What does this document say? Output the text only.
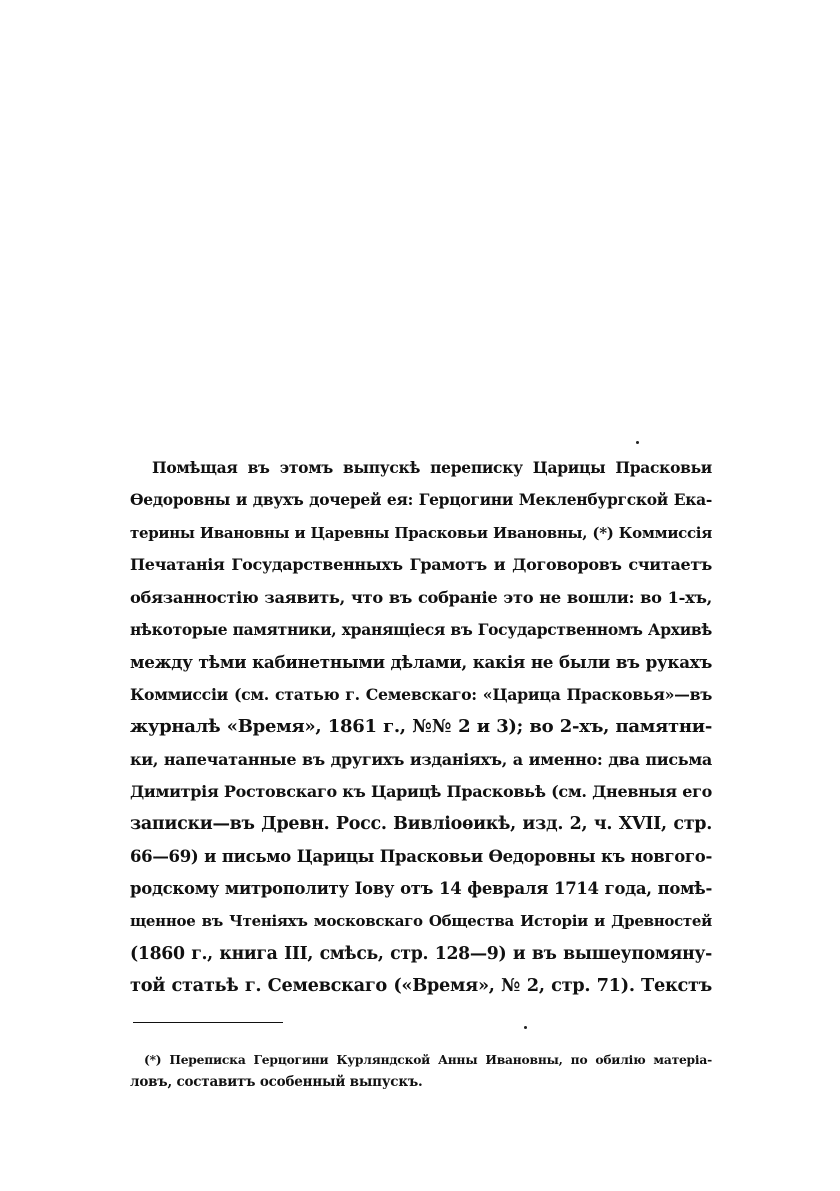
Помѣщая въ этомъ выпускѣ переписку Царицы Прасковьи
Ѳедоровны и двухъ дочерей ея: Герцогини Мекленбургской Ека-
терины Ивановны и Царевны Прасковьи Ивановны, (*) Коммиссія
Печатанія Государственныхъ Грамотъ и Договоровъ считаетъ
обязанностію заявить, что въ собраніе это не вошли: во 1-хъ,
нѣкоторые памятники, хранящіеся въ Государственномъ Архивѣ
между тѣми кабинетными дѣлами, какія не были въ рукахъ
Коммиссіи (см. статью г. Семевскаго: «Царица Прасковья»—въ
журналѣ «Время», 1861 г., №№ 2 и 3); во 2-хъ, памятни-
ки, напечатанные въ другихъ изданіяхъ, а именно: два письма
Димитрія Ростовскаго къ Царицѣ Прасковьѣ (см. Дневныя его
записки—въ Древн. Росс. Вивліоѳикѣ, изд. 2, ч. XVII, стр.
66—69) и письмо Царицы Прасковьи Ѳедоровны къ новгого-
родскому митрополиту Іову отъ 14 февраля 1714 года, помѣ-
щенное въ Чтеніяхъ московскаго Общества Исторіи и Древностей
(1860 г., книга III, смѣсь, стр. 128—9) и въ вышеупомяну-
той статьѣ г. Семевскаго («Время», № 2, стр. 71). Текстъ
(*) Переписка Герцогини Курляндской Анны Ивановны, по обилію матеріа-
ловъ, составитъ особенный выпускъ.
